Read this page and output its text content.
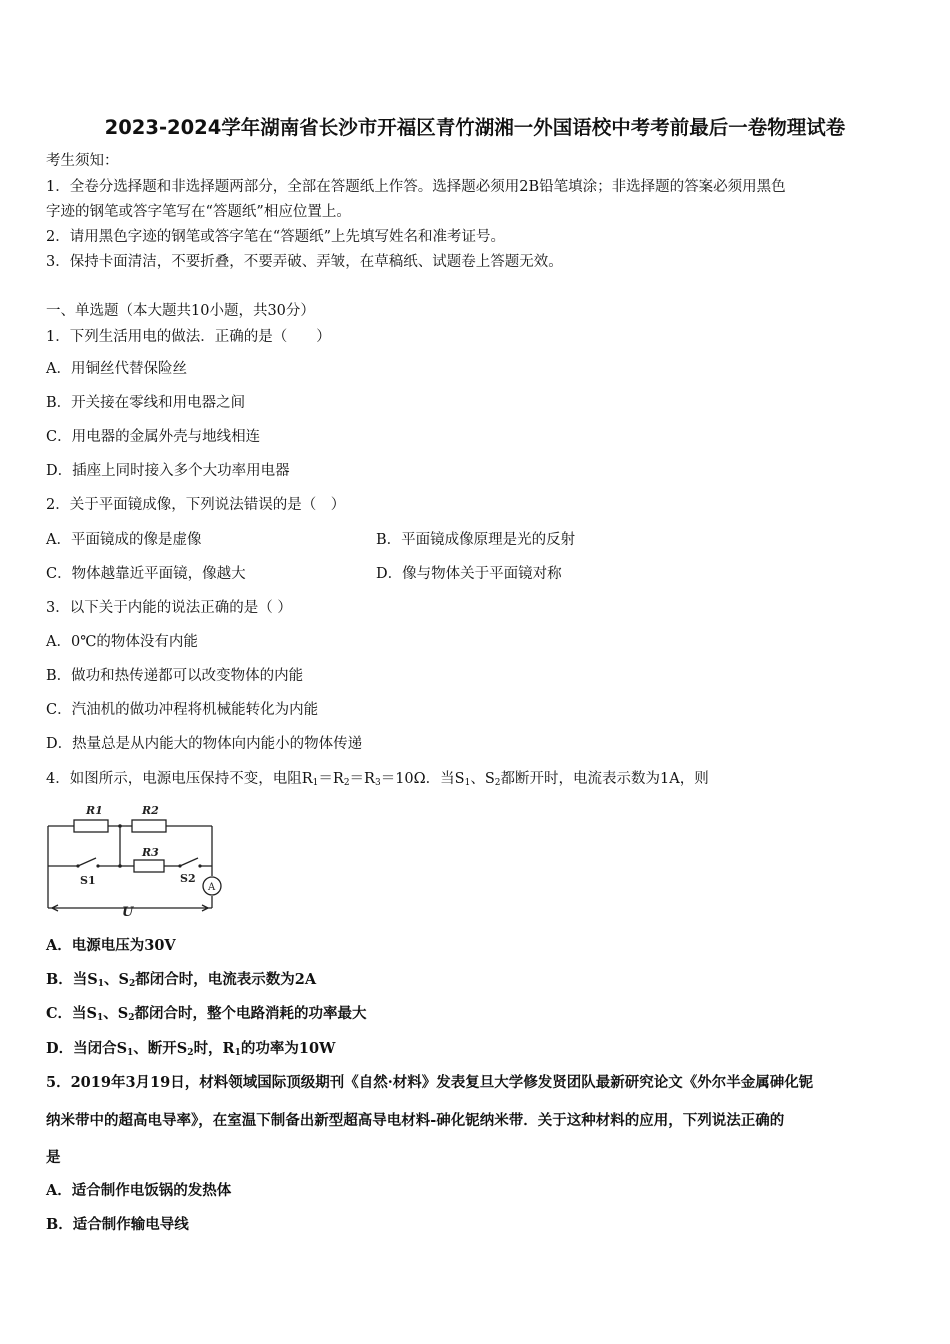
2023-2024学年湖南省长沙市开福区青竹湖湘一外国语校中考考前最后一卷物理试卷
考生须知：
1．全卷分选择题和非选择题两部分，全部在答题纸上作答。选择题必须用2B铅笔填涂；非选择题的答案必须用黑色
字迹的钢笔或答字笔写在“答题纸”相应位置上。
2．请用黑色字迹的钢笔或答字笔在“答题纸”上先填写姓名和准考证号。
3．保持卡面清洁，不要折叠，不要弄破、弄皱，在草稿纸、试题卷上答题无效。
一、单选题（本大题共10小题，共30分）
1．下列生活用电的做法．正确的是（　　）
A．用铜丝代替保险丝
B．开关接在零线和用电器之间
C．用电器的金属外壳与地线相连
D．插座上同时接入多个大功率用电器
2．关于平面镜成像，下列说法错误的是（　）
A．平面镜成的像是虚像	B．平面镜成像原理是光的反射
C．物体越靠近平面镜，像越大	D．像与物体关于平面镜对称
3．以下关于内能的说法正确的是（ ）
A．0℃的物体没有内能
B．做功和热传递都可以改变物体的内能
C．汽油机的做功冲程将机械能转化为内能
D．热量总是从内能大的物体向内能小的物体传递
4．如图所示，电源电压保持不变，电阻$R_1=R_2=R_3=10\Omega$．当$S_1$、$S_2$都断开时，电流表示数为1A，则
R1	R2
R3
S1	S2
A
U
A．电源电压为30V
B．当$S_1$、$S_2$都闭合时，电流表示数为2A
C．当$S_1$、$S_2$都闭合时，整个电路消耗的功率最大
D．当闭合$S_1$、断开$S_2$时，$R_1$的功率为10W
5．2019年3月19日，材料领域国际顶级期刊《自然·材料》发表复旦大学修发贤团队最新研究论文《外尔半金属砷化铌
纳米带中的超高电导率》，在室温下制备出新型超高导电材料-砷化铌纳米带．关于这种材料的应用，下列说法正确的
是
A．适合制作电饭锅的发热体
B．适合制作输电导线
